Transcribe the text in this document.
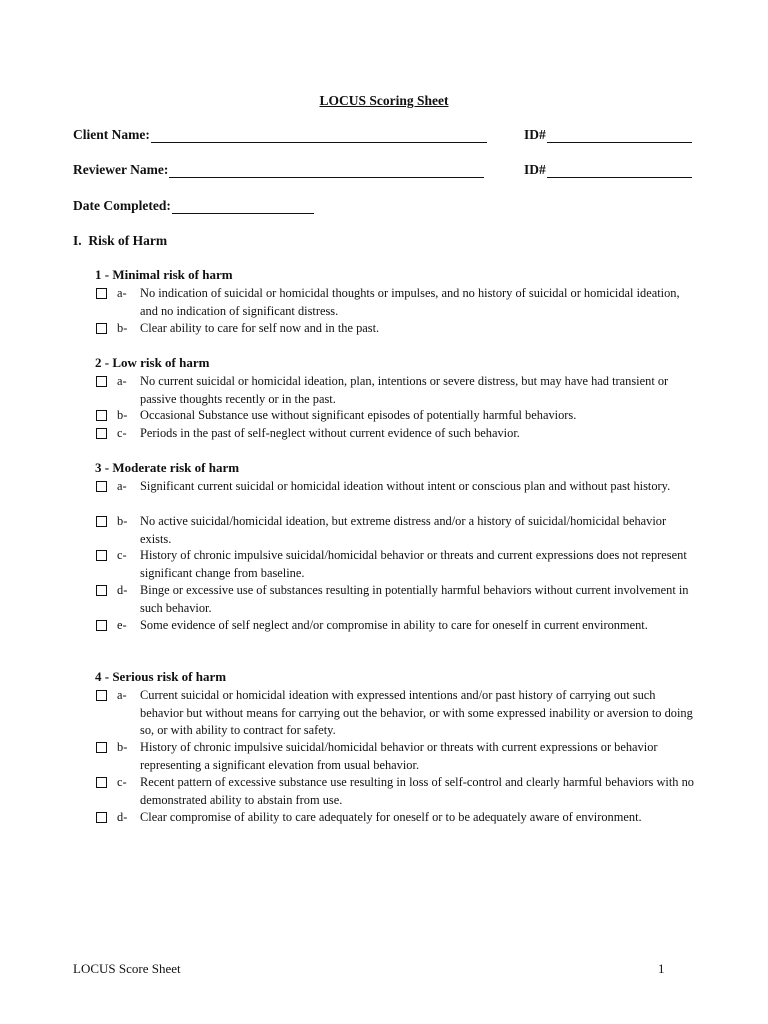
LOCUS Scoring Sheet
Client Name:	ID#
Reviewer Name:	ID#
Date Completed:
I. Risk of Harm
1 - Minimal risk of harm
a- No indication of suicidal or homicidal thoughts or impulses, and no history of suicidal or homicidal ideation, and no indication of significant distress.
b- Clear ability to care for self now and in the past.
2 - Low risk of harm
a- No current suicidal or homicidal ideation, plan, intentions or severe distress, but may have had transient or passive thoughts recently or in the past.
b- Occasional Substance use without significant episodes of potentially harmful behaviors.
c- Periods in the past of self-neglect without current evidence of such behavior.
3 - Moderate risk of harm
a- Significant current suicidal or homicidal ideation without intent or conscious plan and without past history.
b- No active suicidal/homicidal ideation, but extreme distress and/or a history of suicidal/homicidal behavior exists.
c- History of chronic impulsive suicidal/homicidal behavior or threats and current expressions does not represent significant change from baseline.
d- Binge or excessive use of substances resulting in potentially harmful behaviors without current involvement in such behavior.
e- Some evidence of self neglect and/or compromise in ability to care for oneself in current environment.
4 - Serious risk of harm
a- Current suicidal or homicidal ideation with expressed intentions and/or past history of carrying out such behavior but without means for carrying out the behavior, or with some expressed inability or aversion to doing so, or with ability to contract for safety.
b- History of chronic impulsive suicidal/homicidal behavior or threats with current expressions or behavior representing a significant elevation from usual behavior.
c- Recent pattern of excessive substance use resulting in loss of self-control and clearly harmful behaviors with no demonstrated ability to abstain from use.
d- Clear compromise of ability to care adequately for oneself or to be adequately aware of environment.
LOCUS Score Sheet	1
